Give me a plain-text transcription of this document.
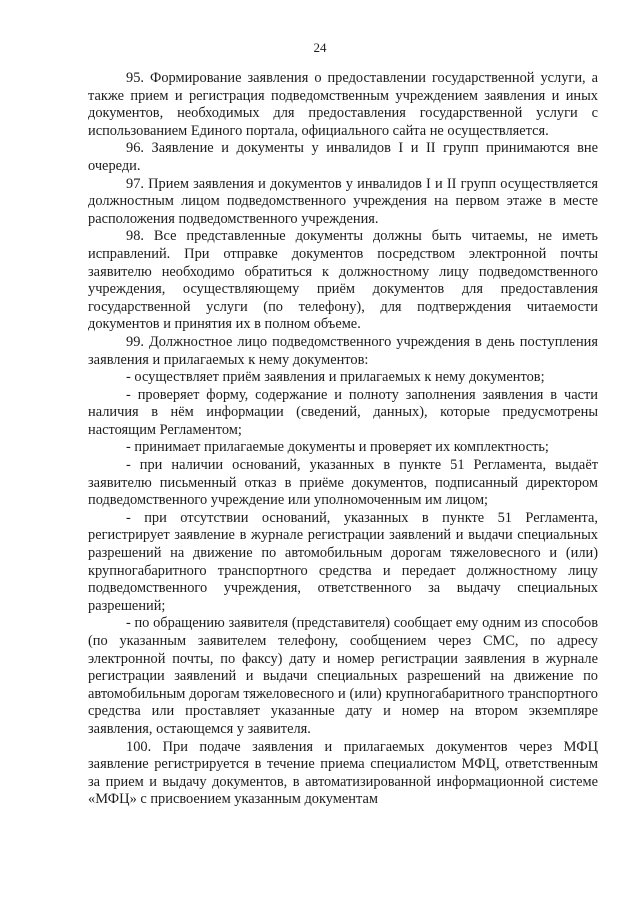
24

95. Формирование заявления о предоставлении государственной услуги, а также прием и регистрация подведомственным учреждением заявления и иных документов, необходимых для предоставления государственной услуги с использованием Единого портала, официального сайта не осуществляется.

96. Заявление и документы у инвалидов I и II групп принимаются вне очереди.

97. Прием заявления и документов у инвалидов I и II групп осуществляется должностным лицом подведомственного учреждения на первом этаже в месте расположения подведомственного учреждения.

98. Все представленные документы должны быть читаемы, не иметь исправлений. При отправке документов посредством электронной почты заявителю необходимо обратиться к должностному лицу подведомственного учреждения, осуществляющему приём документов для предоставления государственной услуги (по телефону), для подтверждения читаемости документов и принятия их в полном объеме.

99. Должностное лицо подведомственного учреждения в день поступления заявления и прилагаемых к нему документов:

- осуществляет приём заявления и прилагаемых к нему документов;

- проверяет форму, содержание и полноту заполнения заявления в части наличия в нём информации (сведений, данных), которые предусмотрены настоящим Регламентом;

- принимает прилагаемые документы и проверяет их комплектность;

- при наличии оснований, указанных в пункте 51 Регламента, выдаёт заявителю письменный отказ в приёме документов, подписанный директором подведомственного учреждение или уполномоченным им лицом;

- при отсутствии оснований, указанных в пункте 51 Регламента, регистрирует заявление в журнале регистрации заявлений и выдачи специальных разрешений на движение по автомобильным дорогам тяжеловесного и (или) крупногабаритного транспортного средства и передает должностному лицу подведомственного учреждения, ответственного за выдачу специальных разрешений;

- по обращению заявителя (представителя) сообщает ему одним из способов (по указанным заявителем телефону, сообщением через СМС, по адресу электронной почты, по факсу) дату и номер регистрации заявления в журнале регистрации заявлений и выдачи специальных разрешений на движение по автомобильным дорогам тяжеловесного и (или) крупногабаритного транспортного средства или проставляет указанные дату и номер на втором экземпляре заявления, остающемся у заявителя.

100. При подаче заявления и прилагаемых документов через МФЦ заявление регистрируется в течение приема специалистом МФЦ, ответственным за прием и выдачу документов, в автоматизированной информационной системе «МФЦ» с присвоением указанным документам
